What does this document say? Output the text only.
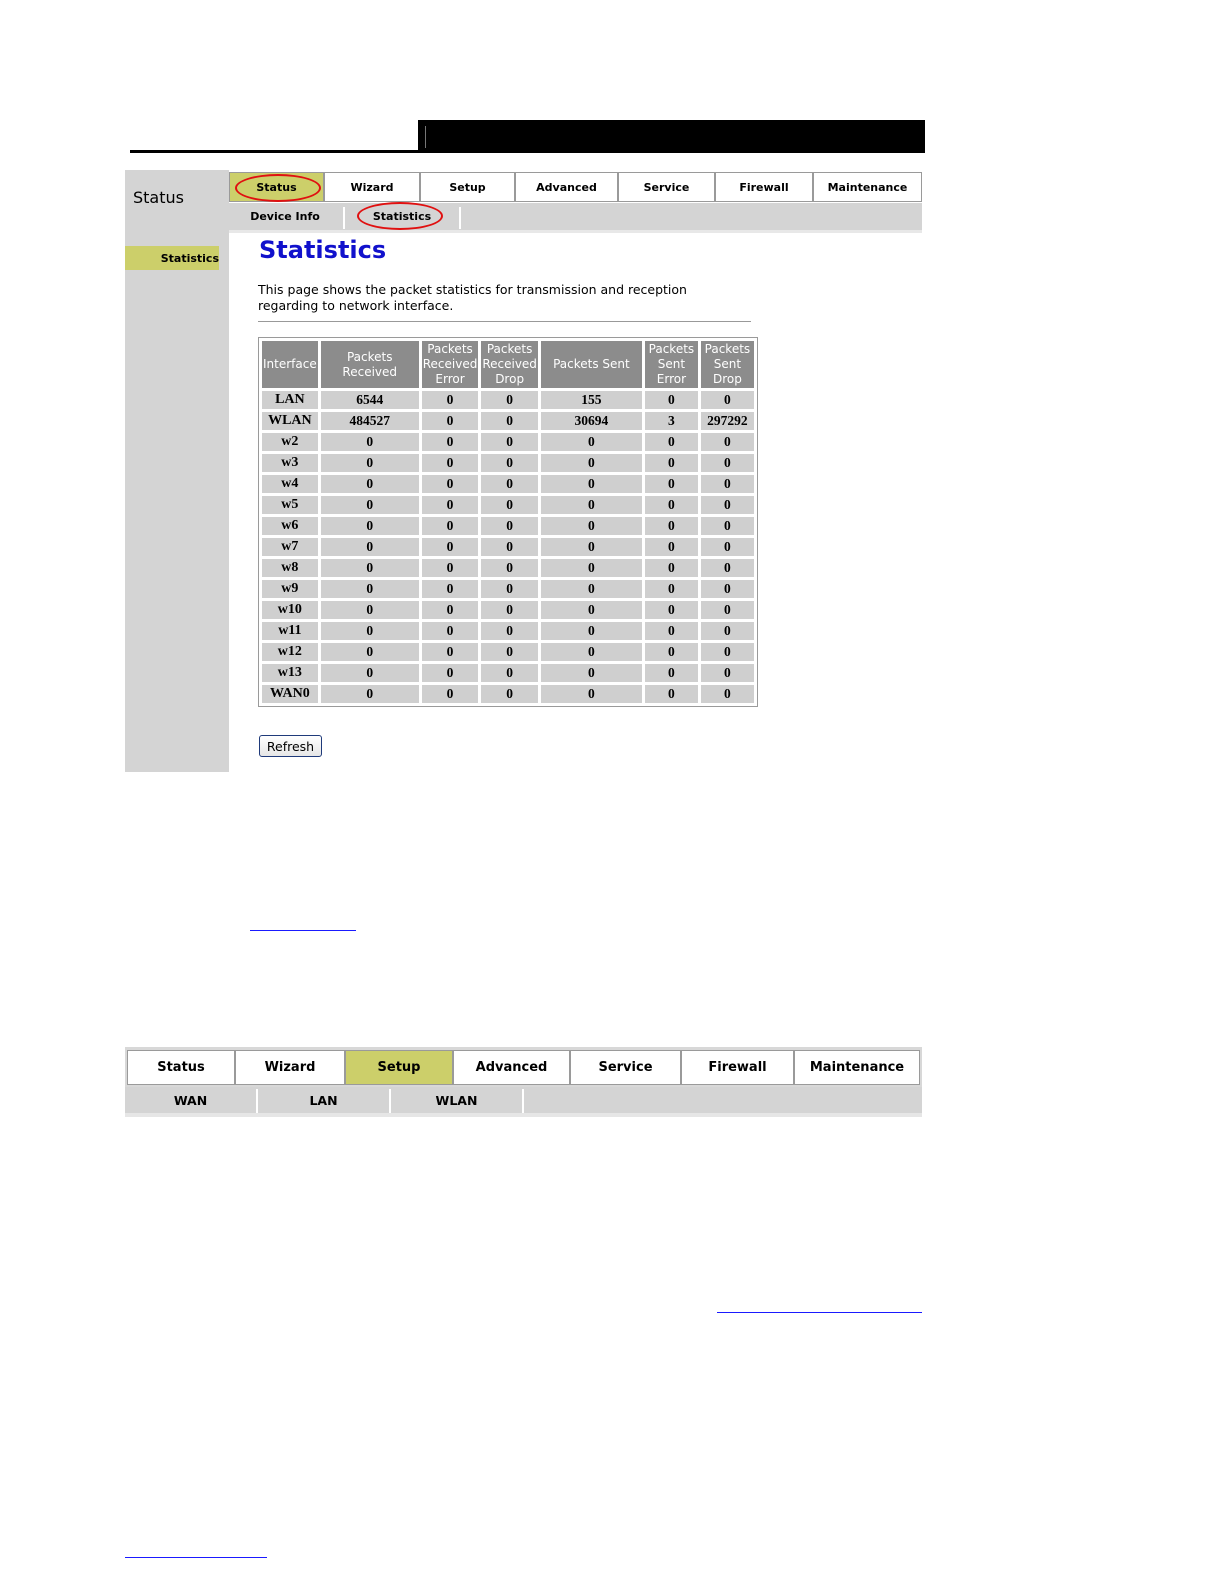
Status
Status	Wizard	Setup	Advanced	Service	Firewall	Maintenance
Device Info	Statistics
Statistics Statistics
This page shows the packet statistics for transmission and reception regarding to network interface.
Interface	Packets Received	Packets Received Error	Packets Received Drop	Packets Sent	Packets Sent Error	Packets Sent Drop
LAN	6544	0	0	155	0	0
WLAN	484527	0	0	30694	3	297292
w2	0	0	0	0	0	0
w3	0	0	0	0	0	0
w4	0	0	0	0	0	0
w5	0	0	0	0	0	0
w6	0	0	0	0	0	0
w7	0	0	0	0	0	0
w8	0	0	0	0	0	0
w9	0	0	0	0	0	0
w10	0	0	0	0	0	0
w11	0	0	0	0	0	0
w12	0	0	0	0	0	0
w13	0	0	0	0	0	0
WAN0	0	0	0	0	0	0
Refresh
Status	Wizard	Setup	Advanced	Service	Firewall	Maintenance
WAN	LAN	WLAN
